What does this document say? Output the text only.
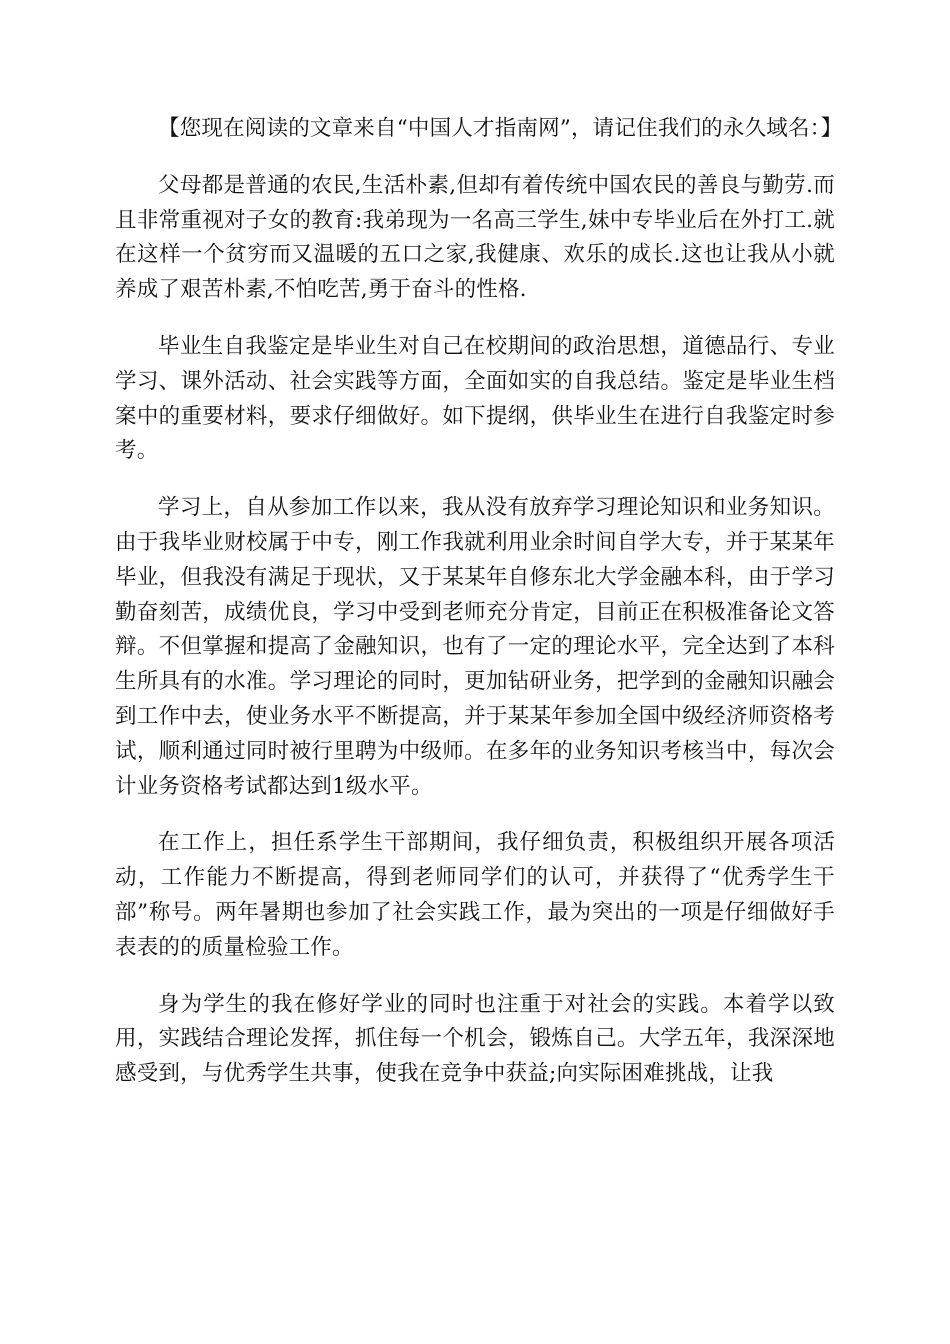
【您现在阅读的文章来自“中国人才指南网”，请记住我们的永久域名：】

父母都是普通的农民,生活朴素,但却有着传统中国农民的善良与勤劳.而且非常重视对子女的教育:我弟现为一名高三学生,妹中专毕业后在外打工.就在这样一个贫穷而又温暖的五口之家,我健康、欢乐的成长.这也让我从小就养成了艰苦朴素,不怕吃苦,勇于奋斗的性格.

毕业生自我鉴定是毕业生对自己在校期间的政治思想，道德品行、专业学习、课外活动、社会实践等方面，全面如实的自我总结。鉴定是毕业生档案中的重要材料，要求仔细做好。如下提纲，供毕业生在进行自我鉴定时参考。

学习上，自从参加工作以来，我从没有放弃学习理论知识和业务知识。由于我毕业财校属于中专，刚工作我就利用业余时间自学大专，并于某某年毕业，但我没有满足于现状，又于某某年自修东北大学金融本科，由于学习勤奋刻苦，成绩优良，学习中受到老师充分肯定，目前正在积极准备论文答辩。不但掌握和提高了金融知识，也有了一定的理论水平，完全达到了本科生所具有的水准。学习理论的同时，更加钻研业务，把学到的金融知识融会到工作中去，使业务水平不断提高，并于某某年参加全国中级经济师资格考试，顺利通过同时被行里聘为中级师。在多年的业务知识考核当中，每次会计业务资格考试都达到1级水平。

在工作上，担任系学生干部期间，我仔细负责，积极组织开展各项活动，工作能力不断提高，得到老师同学们的认可，并获得了“优秀学生干部”称号。两年暑期也参加了社会实践工作，最为突出的一项是仔细做好手表表的的质量检验工作。

身为学生的我在修好学业的同时也注重于对社会的实践。本着学以致用，实践结合理论发挥，抓住每一个机会，锻炼自己。大学五年，我深深地感受到，与优秀学生共事，使我在竞争中获益;向实际困难挑战，让我
